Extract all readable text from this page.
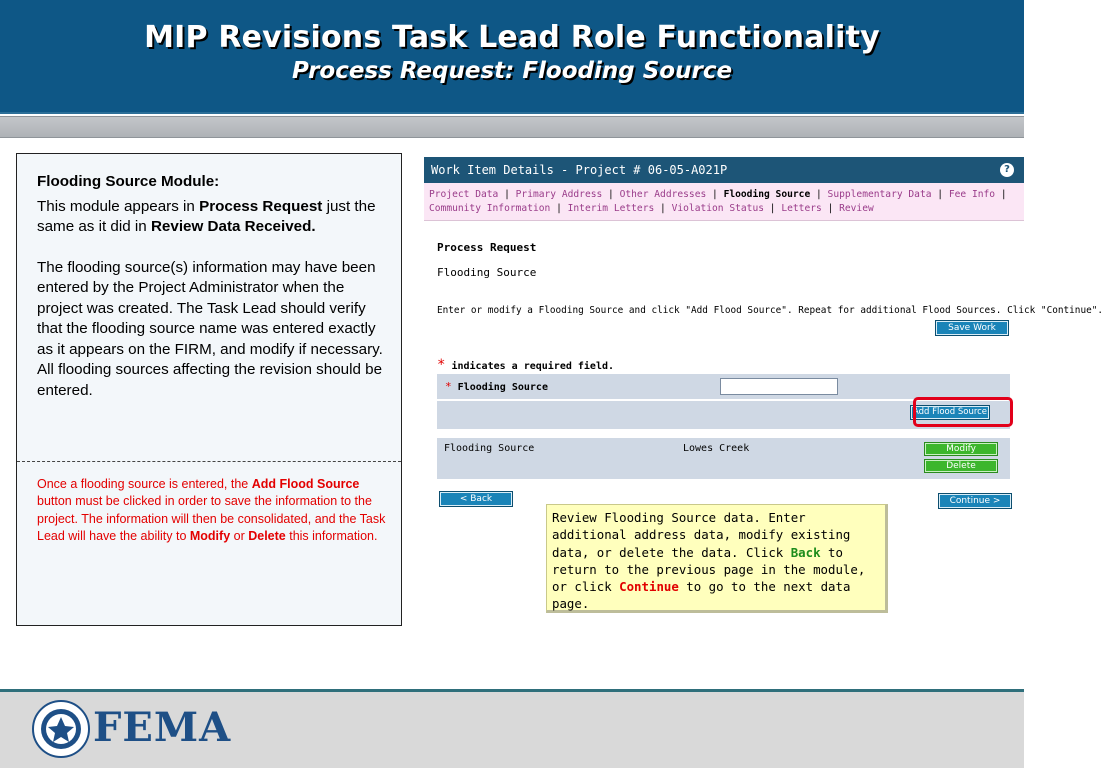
MIP Revisions Task Lead Role Functionality
Process Request: Flooding Source
Flooding Source Module:
This module appears in Process Request just the same as it did in Review Data Received.
The flooding source(s) information may have been entered by the Project Administrator when the project was created. The Task Lead should verify that the flooding source name was entered exactly as it appears on the FIRM, and modify if necessary. All flooding sources affecting the revision should be entered.
Once a flooding source is entered, the Add Flood Source button must be clicked in order to save the information to the project. The information will then be consolidated, and the Task Lead will have the ability to Modify or Delete this information.
Work Item Details - Project # 06-05-A021P	?
Project Data | Primary Address | Other Addresses | Flooding Source | Supplementary Data | Fee Info | Community Information | Interim Letters | Violation Status | Letters | Review
Process Request
Flooding Source
Enter or modify a Flooding Source and click "Add Flood Source". Repeat for additional Flood Sources. Click "Continue".
Save Work
* indicates a required field.
* Flooding Source
Add Flood Source
Flooding Source	Lowes Creek	Modify
Delete
< Back	Continue >
Review Flooding Source data. Enter additional address data, modify existing data, or delete the data. Click Back to return to the previous page in the module, or click Continue to go to the next data page.
FEMA
